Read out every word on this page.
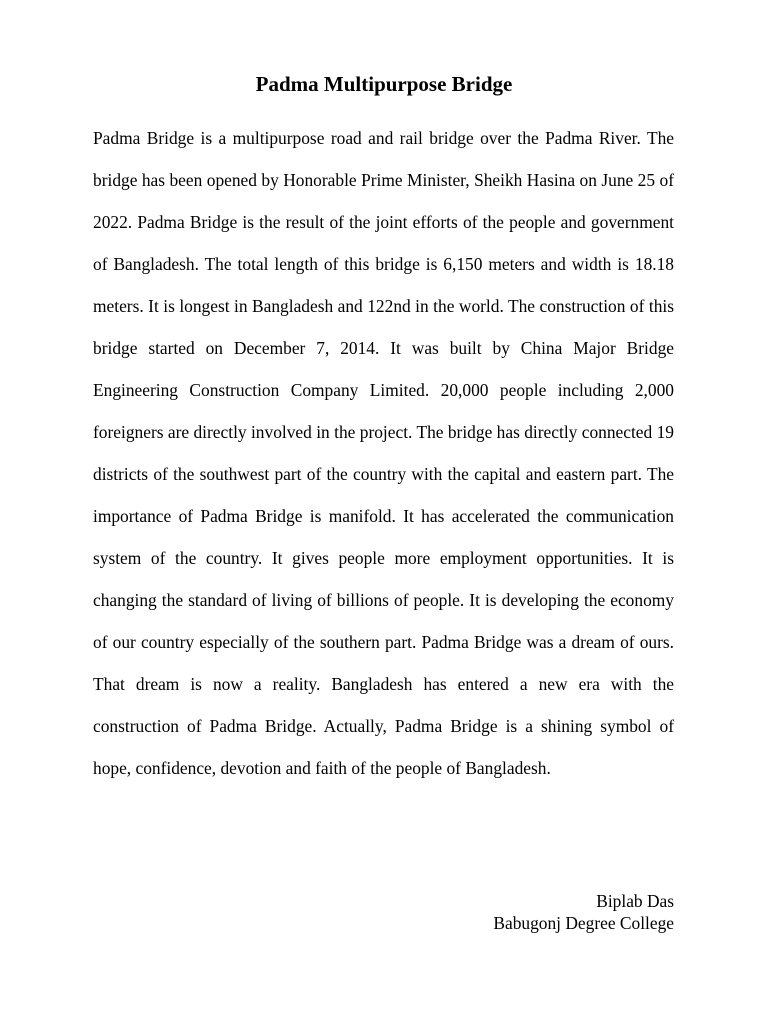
Padma Multipurpose Bridge

Padma Bridge is a multipurpose road and rail bridge over the Padma River. The bridge has been opened by Honorable Prime Minister, Sheikh Hasina on June 25 of 2022. Padma Bridge is the result of the joint efforts of the people and government of Bangladesh. The total length of this bridge is 6,150 meters and width is 18.18 meters. It is longest in Bangladesh and 122nd in the world. The construction of this bridge started on December 7, 2014. It was built by China Major Bridge Engineering Construction Company Limited. 20,000 people including 2,000 foreigners are directly involved in the project. The bridge has directly connected 19 districts of the southwest part of the country with the capital and eastern part. The importance of Padma Bridge is manifold. It has accelerated the communication system of the country. It gives people more employment opportunities. It is changing the standard of living of billions of people. It is developing the economy of our country especially of the southern part. Padma Bridge was a dream of ours. That dream is now a reality. Bangladesh has entered a new era with the construction of Padma Bridge. Actually, Padma Bridge is a shining symbol of hope, confidence, devotion and faith of the people of Bangladesh.

Biplab Das
Babugonj Degree College
